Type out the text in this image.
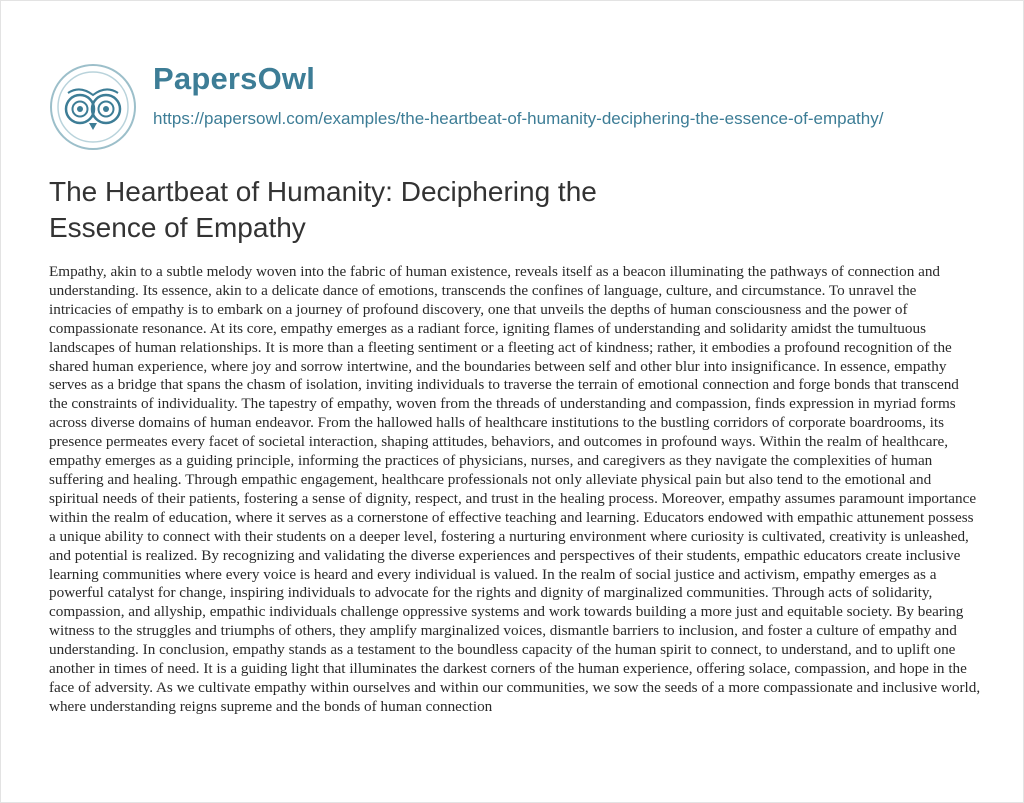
PapersOwl
https://papersowl.com/examples/the-heartbeat-of-humanity-deciphering-the-essence-of-empathy/
The Heartbeat of Humanity: Deciphering the Essence of Empathy

Empathy, akin to a subtle melody woven into the fabric of human existence, reveals itself as a beacon illuminating the pathways of connection and understanding. Its essence, akin to a delicate dance of emotions, transcends the confines of language, culture, and circumstance. To unravel the intricacies of empathy is to embark on a journey of profound discovery, one that unveils the depths of human consciousness and the power of compassionate resonance. At its core, empathy emerges as a radiant force, igniting flames of understanding and solidarity amidst the tumultuous landscapes of human relationships. It is more than a fleeting sentiment or a fleeting act of kindness; rather, it embodies a profound recognition of the shared human experience, where joy and sorrow intertwine, and the boundaries between self and other blur into insignificance. In essence, empathy serves as a bridge that spans the chasm of isolation, inviting individuals to traverse the terrain of emotional connection and forge bonds that transcend the constraints of individuality. The tapestry of empathy, woven from the threads of understanding and compassion, finds expression in myriad forms across diverse domains of human endeavor. From the hallowed halls of healthcare institutions to the bustling corridors of corporate boardrooms, its presence permeates every facet of societal interaction, shaping attitudes, behaviors, and outcomes in profound ways. Within the realm of healthcare, empathy emerges as a guiding principle, informing the practices of physicians, nurses, and caregivers as they navigate the complexities of human suffering and healing. Through empathic engagement, healthcare professionals not only alleviate physical pain but also tend to the emotional and spiritual needs of their patients, fostering a sense of dignity, respect, and trust in the healing process. Moreover, empathy assumes paramount importance within the realm of education, where it serves as a cornerstone of effective teaching and learning. Educators endowed with empathic attunement possess a unique ability to connect with their students on a deeper level, fostering a nurturing environment where curiosity is cultivated, creativity is unleashed, and potential is realized. By recognizing and validating the diverse experiences and perspectives of their students, empathic educators create inclusive learning communities where every voice is heard and every individual is valued. In the realm of social justice and activism, empathy emerges as a powerful catalyst for change, inspiring individuals to advocate for the rights and dignity of marginalized communities. Through acts of solidarity, compassion, and allyship, empathic individuals challenge oppressive systems and work towards building a more just and equitable society. By bearing witness to the struggles and triumphs of others, they amplify marginalized voices, dismantle barriers to inclusion, and foster a culture of empathy and understanding. In conclusion, empathy stands as a testament to the boundless capacity of the human spirit to connect, to understand, and to uplift one another in times of need. It is a guiding light that illuminates the darkest corners of the human experience, offering solace, compassion, and hope in the face of adversity. As we cultivate empathy within ourselves and within our communities, we sow the seeds of a more compassionate and inclusive world, where understanding reigns supreme and the bonds of human connection
